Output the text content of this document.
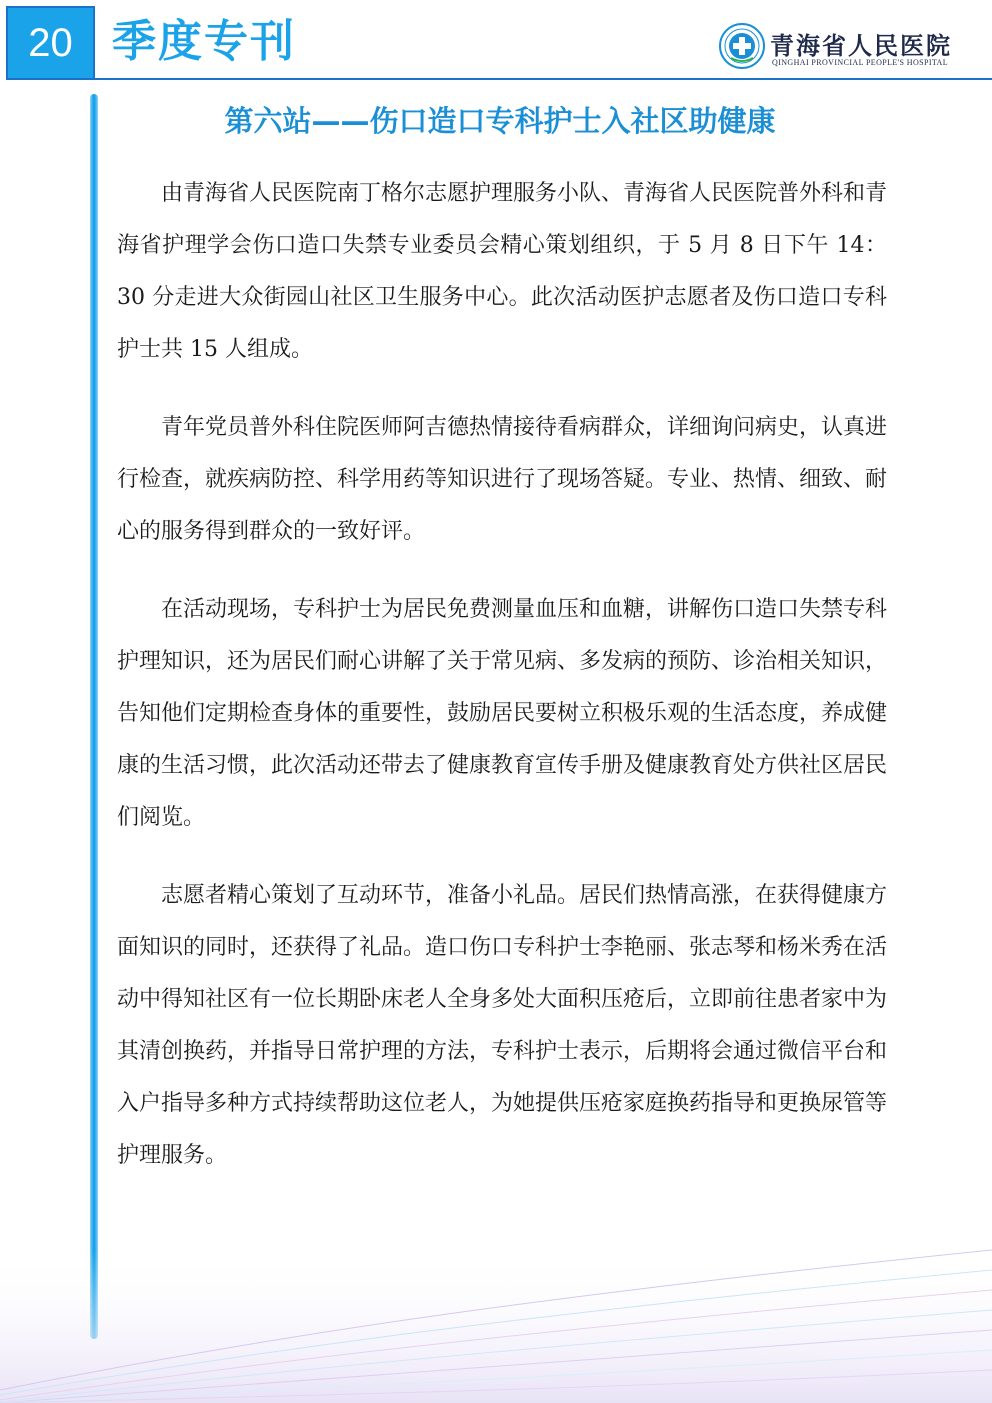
20 季度专刊	青海省人民医院
QINGHAI PROVINCIAL PEOPLE'S HOSPITAL
第六站——伤口造口专科护士入社区助健康

由青海省人民医院南丁格尔志愿护理服务小队、青海省人民医院普外科和青海省护理学会伤口造口失禁专业委员会精心策划组织，于 5 月 8 日下午 14：30 分走进大众街园山社区卫生服务中心。此次活动医护志愿者及伤口造口专科护士共 15 人组成。

青年党员普外科住院医师阿吉德热情接待看病群众，详细询问病史，认真进行检查，就疾病防控、科学用药等知识进行了现场答疑。专业、热情、细致、耐心的服务得到群众的一致好评。

在活动现场，专科护士为居民免费测量血压和血糖，讲解伤口造口失禁专科护理知识，还为居民们耐心讲解了关于常见病、多发病的预防、诊治相关知识，告知他们定期检查身体的重要性，鼓励居民要树立积极乐观的生活态度，养成健康的生活习惯，此次活动还带去了健康教育宣传手册及健康教育处方供社区居民们阅览。

志愿者精心策划了互动环节，准备小礼品。居民们热情高涨，在获得健康方面知识的同时，还获得了礼品。造口伤口专科护士李艳丽、张志琴和杨米秀在活动中得知社区有一位长期卧床老人全身多处大面积压疮后，立即前往患者家中为其清创换药，并指导日常护理的方法，专科护士表示，后期将会通过微信平台和入户指导多种方式持续帮助这位老人，为她提供压疮家庭换药指导和更换尿管等护理服务。
